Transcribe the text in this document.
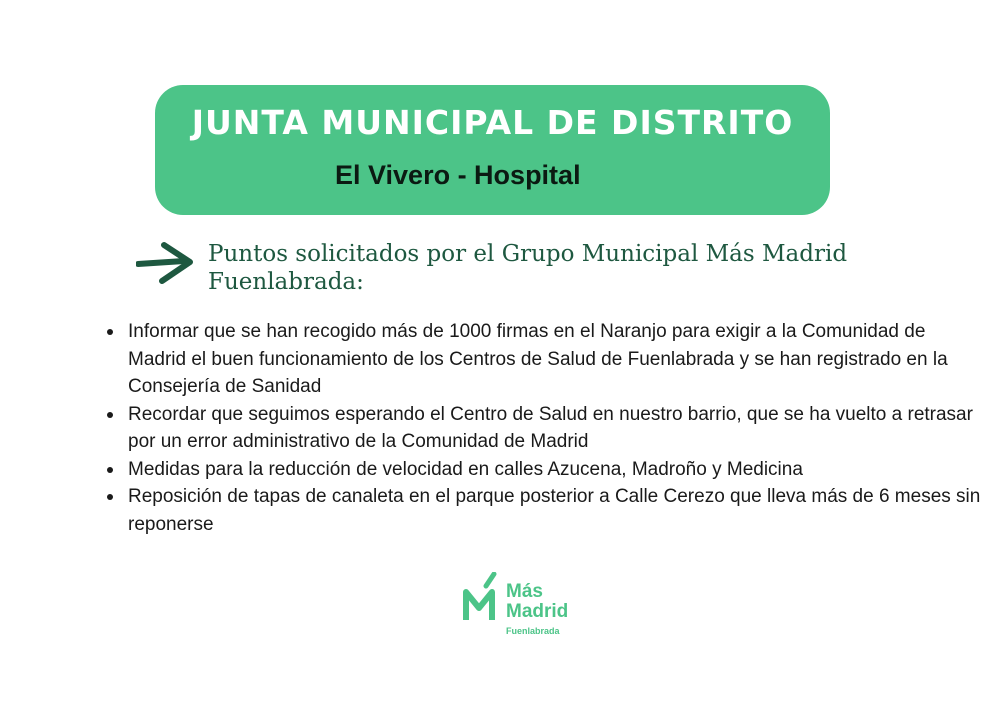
JUNTA MUNICIPAL DE DISTRITO
El Vivero - Hospital
Puntos solicitados por el Grupo Municipal Más Madrid Fuenlabrada:
Informar que se han recogido más de 1000 firmas en el Naranjo para exigir a la Comunidad de Madrid el buen funcionamiento de los Centros de Salud de Fuenlabrada y se han registrado en la Consejería de Sanidad
Recordar que seguimos esperando el Centro de Salud en nuestro barrio, que se ha vuelto a retrasar por un error administrativo de la Comunidad de Madrid
Medidas para la reducción de velocidad en calles Azucena, Madroño y Medicina
Reposición de tapas de canaleta en el parque posterior a Calle Cerezo que lleva más de 6 meses sin reponerse
Más
Madrid
Fuenlabrada
